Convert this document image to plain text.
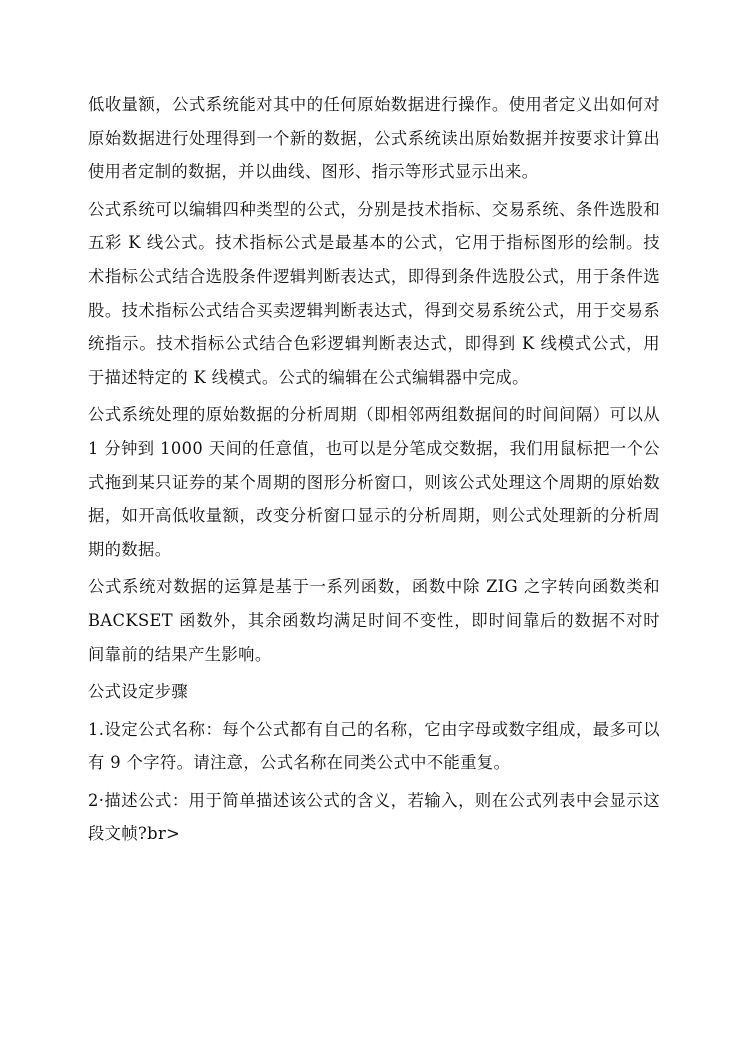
低收量额，公式系统能对其中的任何原始数据进行操作。使用者定义出如何对原始数据进行处理得到一个新的数据，公式系统读出原始数据并按要求计算出使用者定制的数据，并以曲线、图形、指示等形式显示出来。

公式系统可以编辑四种类型的公式，分别是技术指标、交易系统、条件选股和五彩 K 线公式。技术指标公式是最基本的公式，它用于指标图形的绘制。技术指标公式结合选股条件逻辑判断表达式，即得到条件选股公式，用于条件选股。技术指标公式结合买卖逻辑判断表达式，得到交易系统公式，用于交易系统指示。技术指标公式结合色彩逻辑判断表达式，即得到 K 线模式公式，用于描述特定的 K 线模式。公式的编辑在公式编辑器中完成。

公式系统处理的原始数据的分析周期（即相邻两组数据间的时间间隔）可以从 1 分钟到 1000 天间的任意值，也可以是分笔成交数据，我们用鼠标把一个公式拖到某只证券的某个周期的图形分析窗口，则该公式处理这个周期的原始数据，如开高低收量额，改变分析窗口显示的分析周期，则公式处理新的分析周期的数据。

公式系统对数据的运算是基于一系列函数，函数中除 ZIG 之字转向函数类和 BACKSET 函数外，其余函数均满足时间不变性，即时间靠后的数据不对时间靠前的结果产生影响。

公式设定步骤

1.设定公式名称：每个公式都有自己的名称，它由字母或数字组成，最多可以有 9 个字符。请注意，公式名称在同类公式中不能重复。

2·描述公式：用于简单描述该公式的含义，若输入，则在公式列表中会显示这段文帧?br>
